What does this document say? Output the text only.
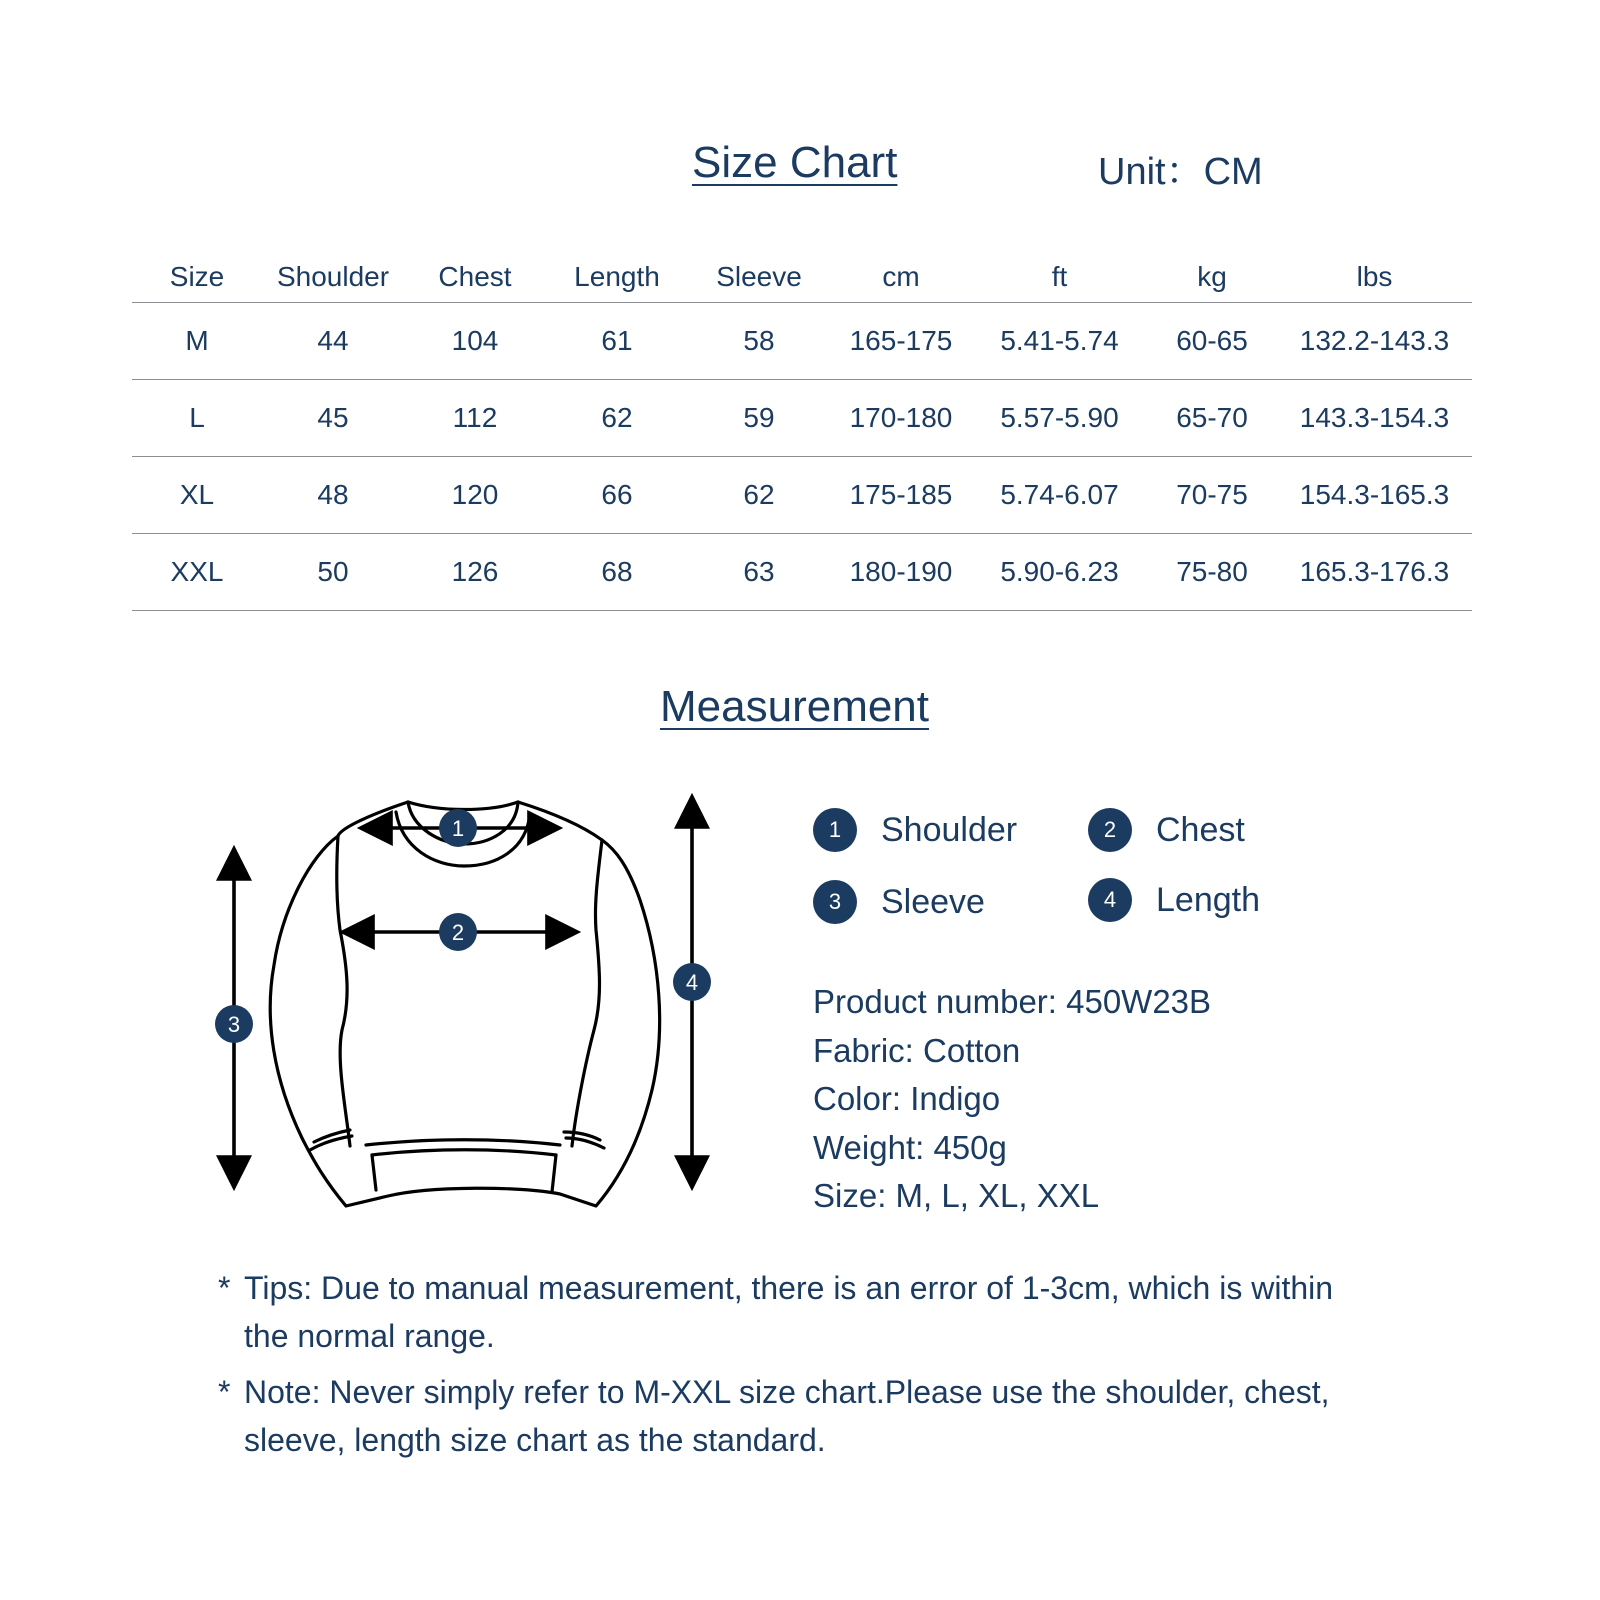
Size Chart	Unit：CM
Size	Shoulder	Chest	Length	Sleeve	cm	ft	kg	lbs
M	44	104	61	58	165-175	5.41-5.74	60-65	132.2-143.3
L	45	112	62	59	170-180	5.57-5.90	65-70	143.3-154.3
XL	48	120	66	62	175-185	5.74-6.07	70-75	154.3-165.3
XXL	50	126	68	63	180-190	5.90-6.23	75-80	165.3-176.3
Measurement
1
2
3
4
1	Shoulder	2	Chest
3	Sleeve	4	Length
Product number: 450W23B
Fabric: Cotton
Color: Indigo
Weight: 450g
Size: M, L, XL, XXL
* Tips: Due to manual measurement, there is an error of 1-3cm, which is within the normal range.
* Note: Never simply refer to M-XXL size chart.Please use the shoulder, chest, sleeve, length size chart as the standard.
